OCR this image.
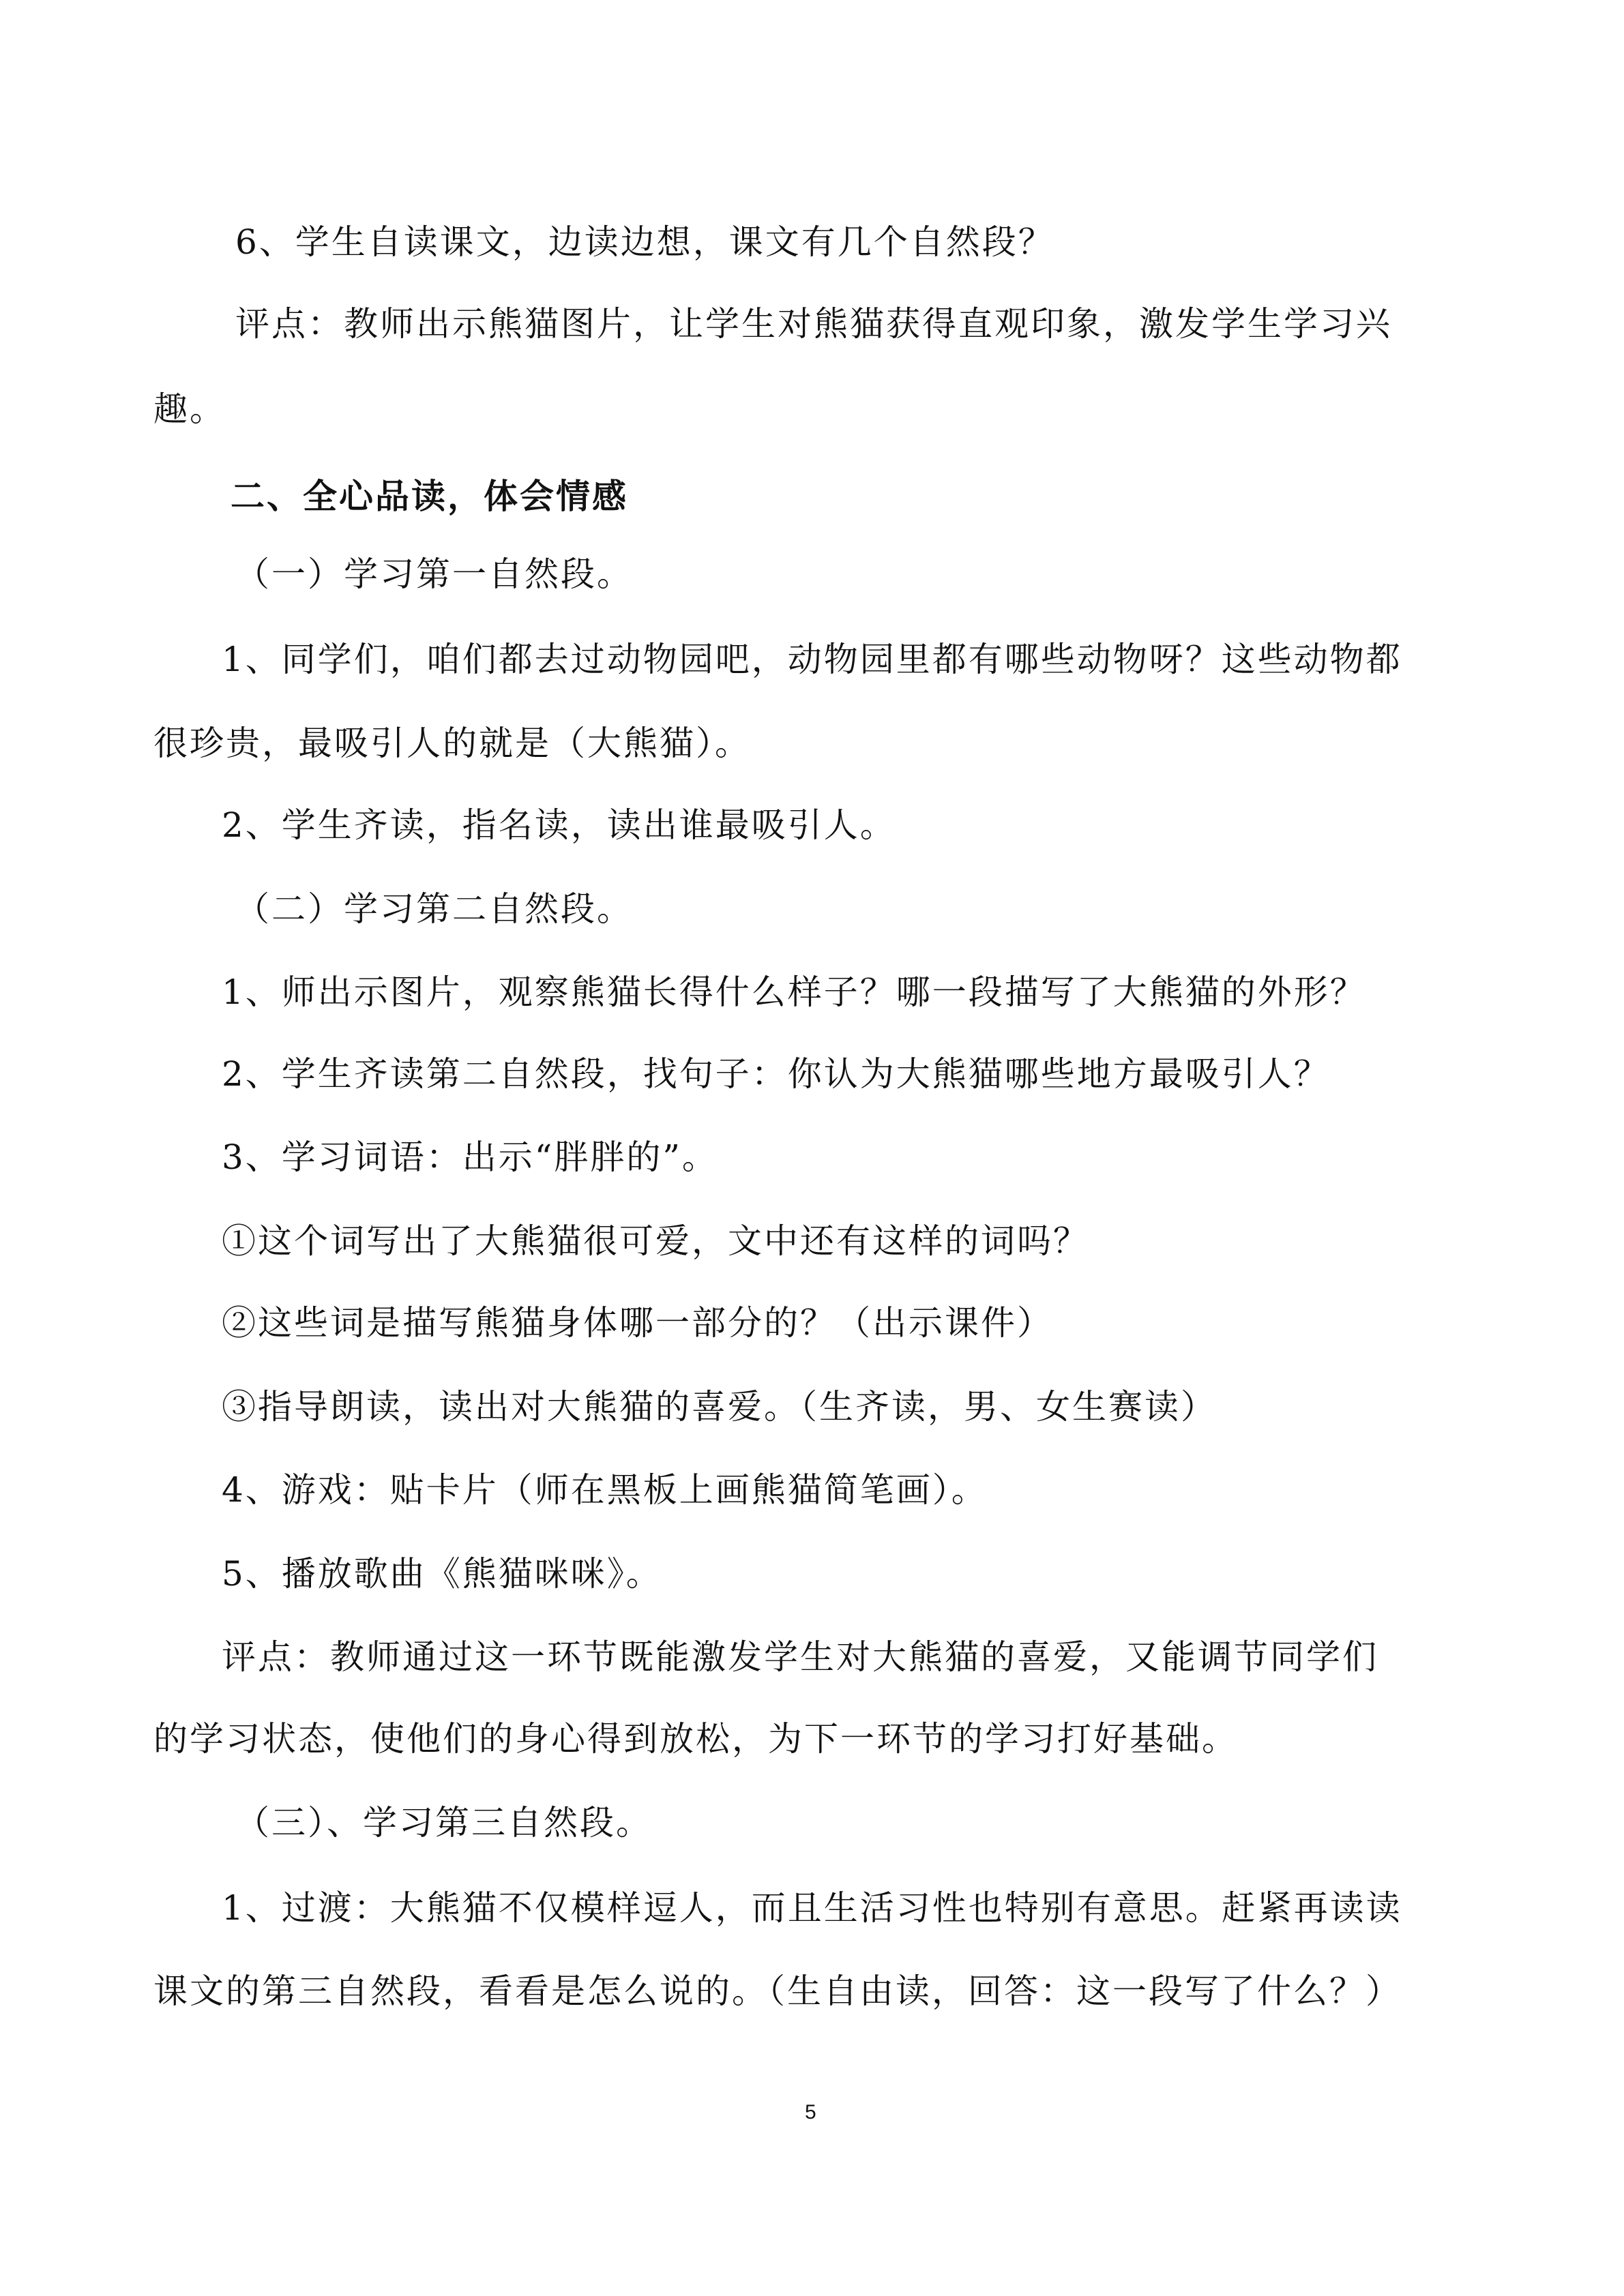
6、学生自读课文，边读边想，课文有几个自然段？
评点：教师出示熊猫图片，让学生对熊猫获得直观印象，激发学生学习兴
趣。
二、全心品读，体会情感
（一）学习第一自然段。
1、同学们，咱们都去过动物园吧，动物园里都有哪些动物呀？这些动物都
很珍贵，最吸引人的就是（大熊猫）。
2、学生齐读，指名读，读出谁最吸引人。
（二）学习第二自然段。
1、师出示图片，观察熊猫长得什么样子？哪一段描写了大熊猫的外形？
2、学生齐读第二自然段，找句子：你认为大熊猫哪些地方最吸引人？
3、学习词语：出示“胖胖的”。
①这个词写出了大熊猫很可爱，文中还有这样的词吗？
②这些词是描写熊猫身体哪一部分的？（出示课件）
③指导朗读，读出对大熊猫的喜爱。（生齐读，男、女生赛读）
4、游戏：贴卡片（师在黑板上画熊猫简笔画）。
5、播放歌曲《熊猫咪咪》。
评点：教师通过这一环节既能激发学生对大熊猫的喜爱，又能调节同学们
的学习状态，使他们的身心得到放松，为下一环节的学习打好基础。
（三）、学习第三自然段。
1、过渡：大熊猫不仅模样逗人，而且生活习性也特别有意思。赶紧再读读
课文的第三自然段，看看是怎么说的。（生自由读，回答：这一段写了什么？）
5
